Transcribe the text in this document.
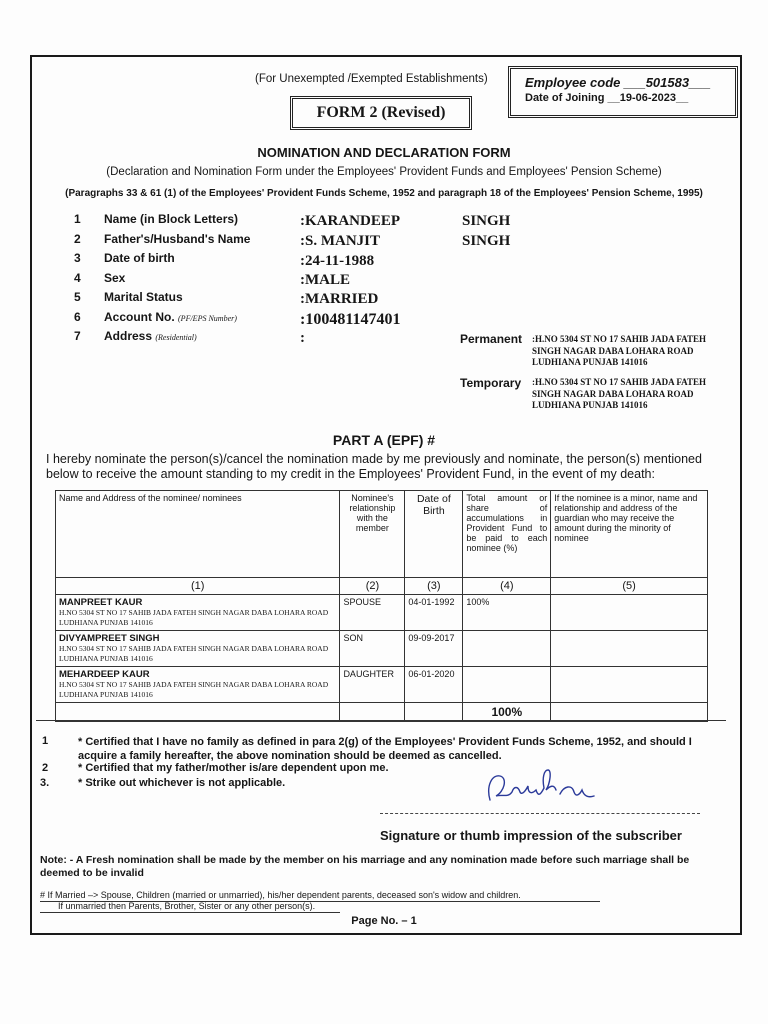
(For Unexempted /Exempted Establishments)	Employee code ___501583___
Date of Joining __19-06-2023__
FORM 2 (Revised)
NOMINATION AND DECLARATION FORM
(Declaration and Nomination Form under the Employees' Provident Funds and Employees' Pension Scheme)
(Paragraphs 33 & 61 (1) of the Employees' Provident Funds Scheme, 1952 and paragraph 18 of the Employees' Pension Scheme, 1995)
1 Name (in Block Letters)	:KARANDEEP	SINGH
2 Father's/Husband's Name	:S. MANJIT	SINGH
3 Date of birth	:24-11-1988
4 Sex	:MALE
5 Marital Status	:MARRIED
6 Account No. (PF/EPS Number)	:100481147401
7 Address (Residential)	:	Permanent :H.NO 5304 ST NO 17 SAHIB JADA FATEH SINGH NAGAR DABA LOHARA ROAD LUDHIANA PUNJAB 141016
Temporary :H.NO 5304 ST NO 17 SAHIB JADA FATEH SINGH NAGAR DABA LOHARA ROAD LUDHIANA PUNJAB 141016
PART A (EPF) #
I hereby nominate the person(s)/cancel the nomination made by me previously and nominate, the person(s) mentioned below to receive the amount standing to my credit in the Employees' Provident Fund, in the event of my death:
Name and Address of the nominee/ nominees	Nominee's relationship with the member	Date of Birth	Total amount or share of accumulations in Provident Fund to be paid to each nominee (%)	If the nominee is a minor, name and relationship and address of the guardian who may receive the amount during the minority of nominee
(1)	(2)	(3)	(4)	(5)

MANPREET KAUR
H.NO 5304 ST NO 17 SAHIB JADA FATEH SINGH NAGAR DABA LOHARA ROAD LUDHIANA PUNJAB 141016	SPOUSE	04-01-1992	100%	

DIVYAMPREET SINGH
H.NO 5304 ST NO 17 SAHIB JADA FATEH SINGH NAGAR DABA LOHARA ROAD LUDHIANA PUNJAB 141016	SON	09-09-2017		

MEHARDEEP KAUR
H.NO 5304 ST NO 17 SAHIB JADA FATEH SINGH NAGAR DABA LOHARA ROAD LUDHIANA PUNJAB 141016	DAUGHTER	06-01-2020		
			100%	
1	* Certified that I have no family as defined in para 2(g) of the Employees' Provident Funds Scheme, 1952, and should I acquire a family hereafter, the above nomination should be deemed as cancelled.
2	* Certified that my father/mother is/are dependent upon me.
3.	* Strike out whichever is not applicable.
Signature or thumb impression of the subscriber
Note: - A Fresh nomination shall be made by the member on his marriage and any nomination made before such marriage shall be deemed to be invalid
# If Married –> Spouse, Children (married or unmarried), his/her dependent parents, deceased son's widow and children.
If unmarried then Parents, Brother, Sister or any other person(s).
Page No. – 1
